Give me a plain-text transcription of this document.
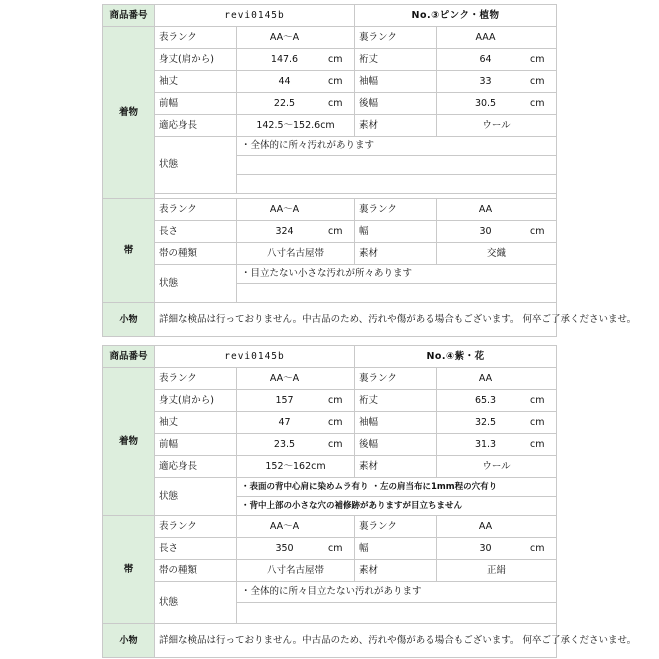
商品番号	revi0145b		No.③ピンク・植物	
着物	表ランク	AA～A	裏ランク	AAA

	身丈(肩から)	147.6 cm	裄丈	64 cm

	袖丈	44 cm	袖幅	33 cm

	前幅	22.5 cm	後幅	30.5 cm

	適応身長	142.5～152.6cm	素材	ウール
	状態	・全体的に所々汚れがあります		

帯	表ランク	AA～A	裏ランク	AA

	長さ	324 cm	幅	30 cm

	帯の種類	八寸名古屋帯	素材	交織
	状態	・目立たない小さな汚れが所々あります		

小物	詳細な検品は行っておりません。中古品のため、汚れや傷がある場合もございます。 何卒ご了承くださいませ。			
商品番号	revi0145b		No.④紫・花	
着物	表ランク	AA～A	裏ランク	AA

	身丈(肩から)	157 cm	裄丈	65.3 cm

	袖丈	47 cm	袖幅	32.5 cm

	前幅	23.5 cm	後幅	31.3 cm

	適応身長	152～162cm	素材	ウール
	状態	・表面の背中心肩に染めムラ有り ・左の肩当布に1mm程の穴有り		
		・背中上部の小さな穴の補修跡がありますが目立ちません		
帯	表ランク	AA～A	裏ランク	AA

	長さ	350 cm	幅	30 cm

	帯の種類	八寸名古屋帯	素材	正絹
	状態	・全体的に所々目立たない汚れがあります		

小物	詳細な検品は行っておりません。中古品のため、汚れや傷がある場合もございます。 何卒ご了承くださいませ。			
